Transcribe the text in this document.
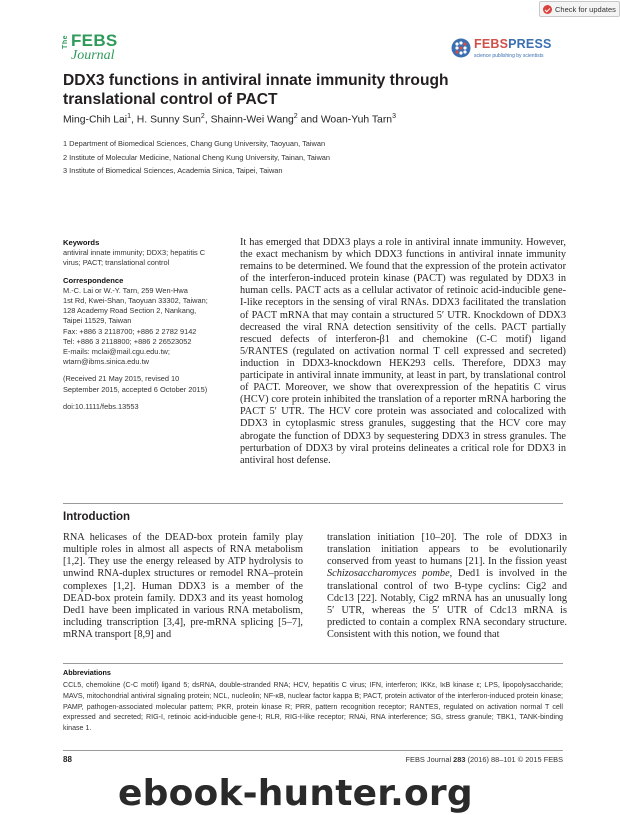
Check for updates
The FEBS
Journal
FEBSPRESS
science publishing by scientists
DDX3 functions in antiviral innate immunity through
translational control of PACT
Ming-Chih Lai$^1$, H. Sunny Sun$^2$, Shainn-Wei Wang$^2$ and Woan-Yuh Tarn$^3$
1 Department of Biomedical Sciences, Chang Gung University, Taoyuan, Taiwan
2 Institute of Molecular Medicine, National Cheng Kung University, Tainan, Taiwan
3 Institute of Biomedical Sciences, Academia Sinica, Taipei, Taiwan
Keywords
antiviral innate immunity; DDX3; hepatitis C
virus; PACT; translational control
Correspondence
M.-C. Lai or W.-Y. Tarn, 259 Wen-Hwa
1st Rd, Kwei-Shan, Taoyuan 33302, Taiwan;
128 Academy Road Section 2, Nankang,
Taipei 11529, Taiwan
Fax: +886 3 2118700; +886 2 2782 9142
Tel: +886 3 2118800; +886 2 26523052
E-mails: mclai@mail.cgu.edu.tw;
wtarn@ibms.sinica.edu.tw
(Received 21 May 2015, revised 10
September 2015, accepted 6 October 2015)
doi:10.1111/febs.13553
It has emerged that DDX3 plays a role in antiviral innate immunity. However, the exact mechanism by which DDX3 functions in antiviral innate immunity remains to be determined. We found that the expression of the protein activator of the interferon-induced protein kinase (PACT) was regulated by DDX3 in human cells. PACT acts as a cellular activator of retinoic acid-inducible gene-I-like receptors in the sensing of viral RNAs. DDX3 facilitated the translation of PACT mRNA that may contain a structured 5′ UTR. Knockdown of DDX3 decreased the viral RNA detection sensitivity of the cells. PACT partially rescued defects of interferon-β1 and chemokine (C-C motif) ligand 5/RANTES (regulated on activation normal T cell expressed and secreted) induction in DDX3-knockdown HEK293 cells. Therefore, DDX3 may participate in antiviral innate immunity, at least in part, by translational control of PACT. Moreover, we show that overexpression of the hepatitis C virus (HCV) core protein inhibited the translation of a reporter mRNA harboring the PACT 5′ UTR. The HCV core protein was associated and colocalized with DDX3 in cytoplasmic stress granules, suggesting that the HCV core may abrogate the function of DDX3 by sequestering DDX3 in stress granules. The perturbation of DDX3 by viral proteins delineates a critical role for DDX3 in antiviral host defense.
Introduction

RNA helicases of the DEAD-box protein family play multiple roles in almost all aspects of RNA metabolism [1,2]. They use the energy released by ATP hydrolysis to unwind RNA-duplex structures or remodel RNA–protein complexes [1,2]. Human DDX3 is a member of the DEAD-box protein family. DDX3 and its yeast homolog Ded1 have been implicated in various RNA metabolism, including transcription [3,4], pre-mRNA splicing [5–7], mRNA transport [8,9] and

translation initiation [10–20]. The role of DDX3 in translation initiation appears to be evolutionarily conserved from yeast to humans [21]. In the fission yeast Schizosaccharomyces pombe, Ded1 is involved in the translational control of two B-type cyclins: Cig2 and Cdc13 [22]. Notably, Cig2 mRNA has an unusually long 5′ UTR, whereas the 5′ UTR of Cdc13 mRNA is predicted to contain a complex RNA secondary structure. Consistent with this notion, we found that

Abbreviations
CCL5, chemokine (C-C motif) ligand 5; dsRNA, double-stranded RNA; HCV, hepatitis C virus; IFN, interferon; IKKε, IκB kinase ε; LPS, lipopolysaccharide; MAVS, mitochondrial antiviral signaling protein; NCL, nucleolin; NF-κB, nuclear factor kappa B; PACT, protein activator of the interferon-induced protein kinase; PAMP, pathogen-associated molecular pattern; PKR, protein kinase R; PRR, pattern recognition receptor; RANTES, regulated on activation normal T cell expressed and secreted; RIG-I, retinoic acid-inducible gene-I; RLR, RIG-I-like receptor; RNAi, RNA interference; SG, stress granule; TBK1, TANK-binding kinase 1.
88	FEBS Journal 283 (2016) 88–101 © 2015 FEBS
ebook-hunter.org
